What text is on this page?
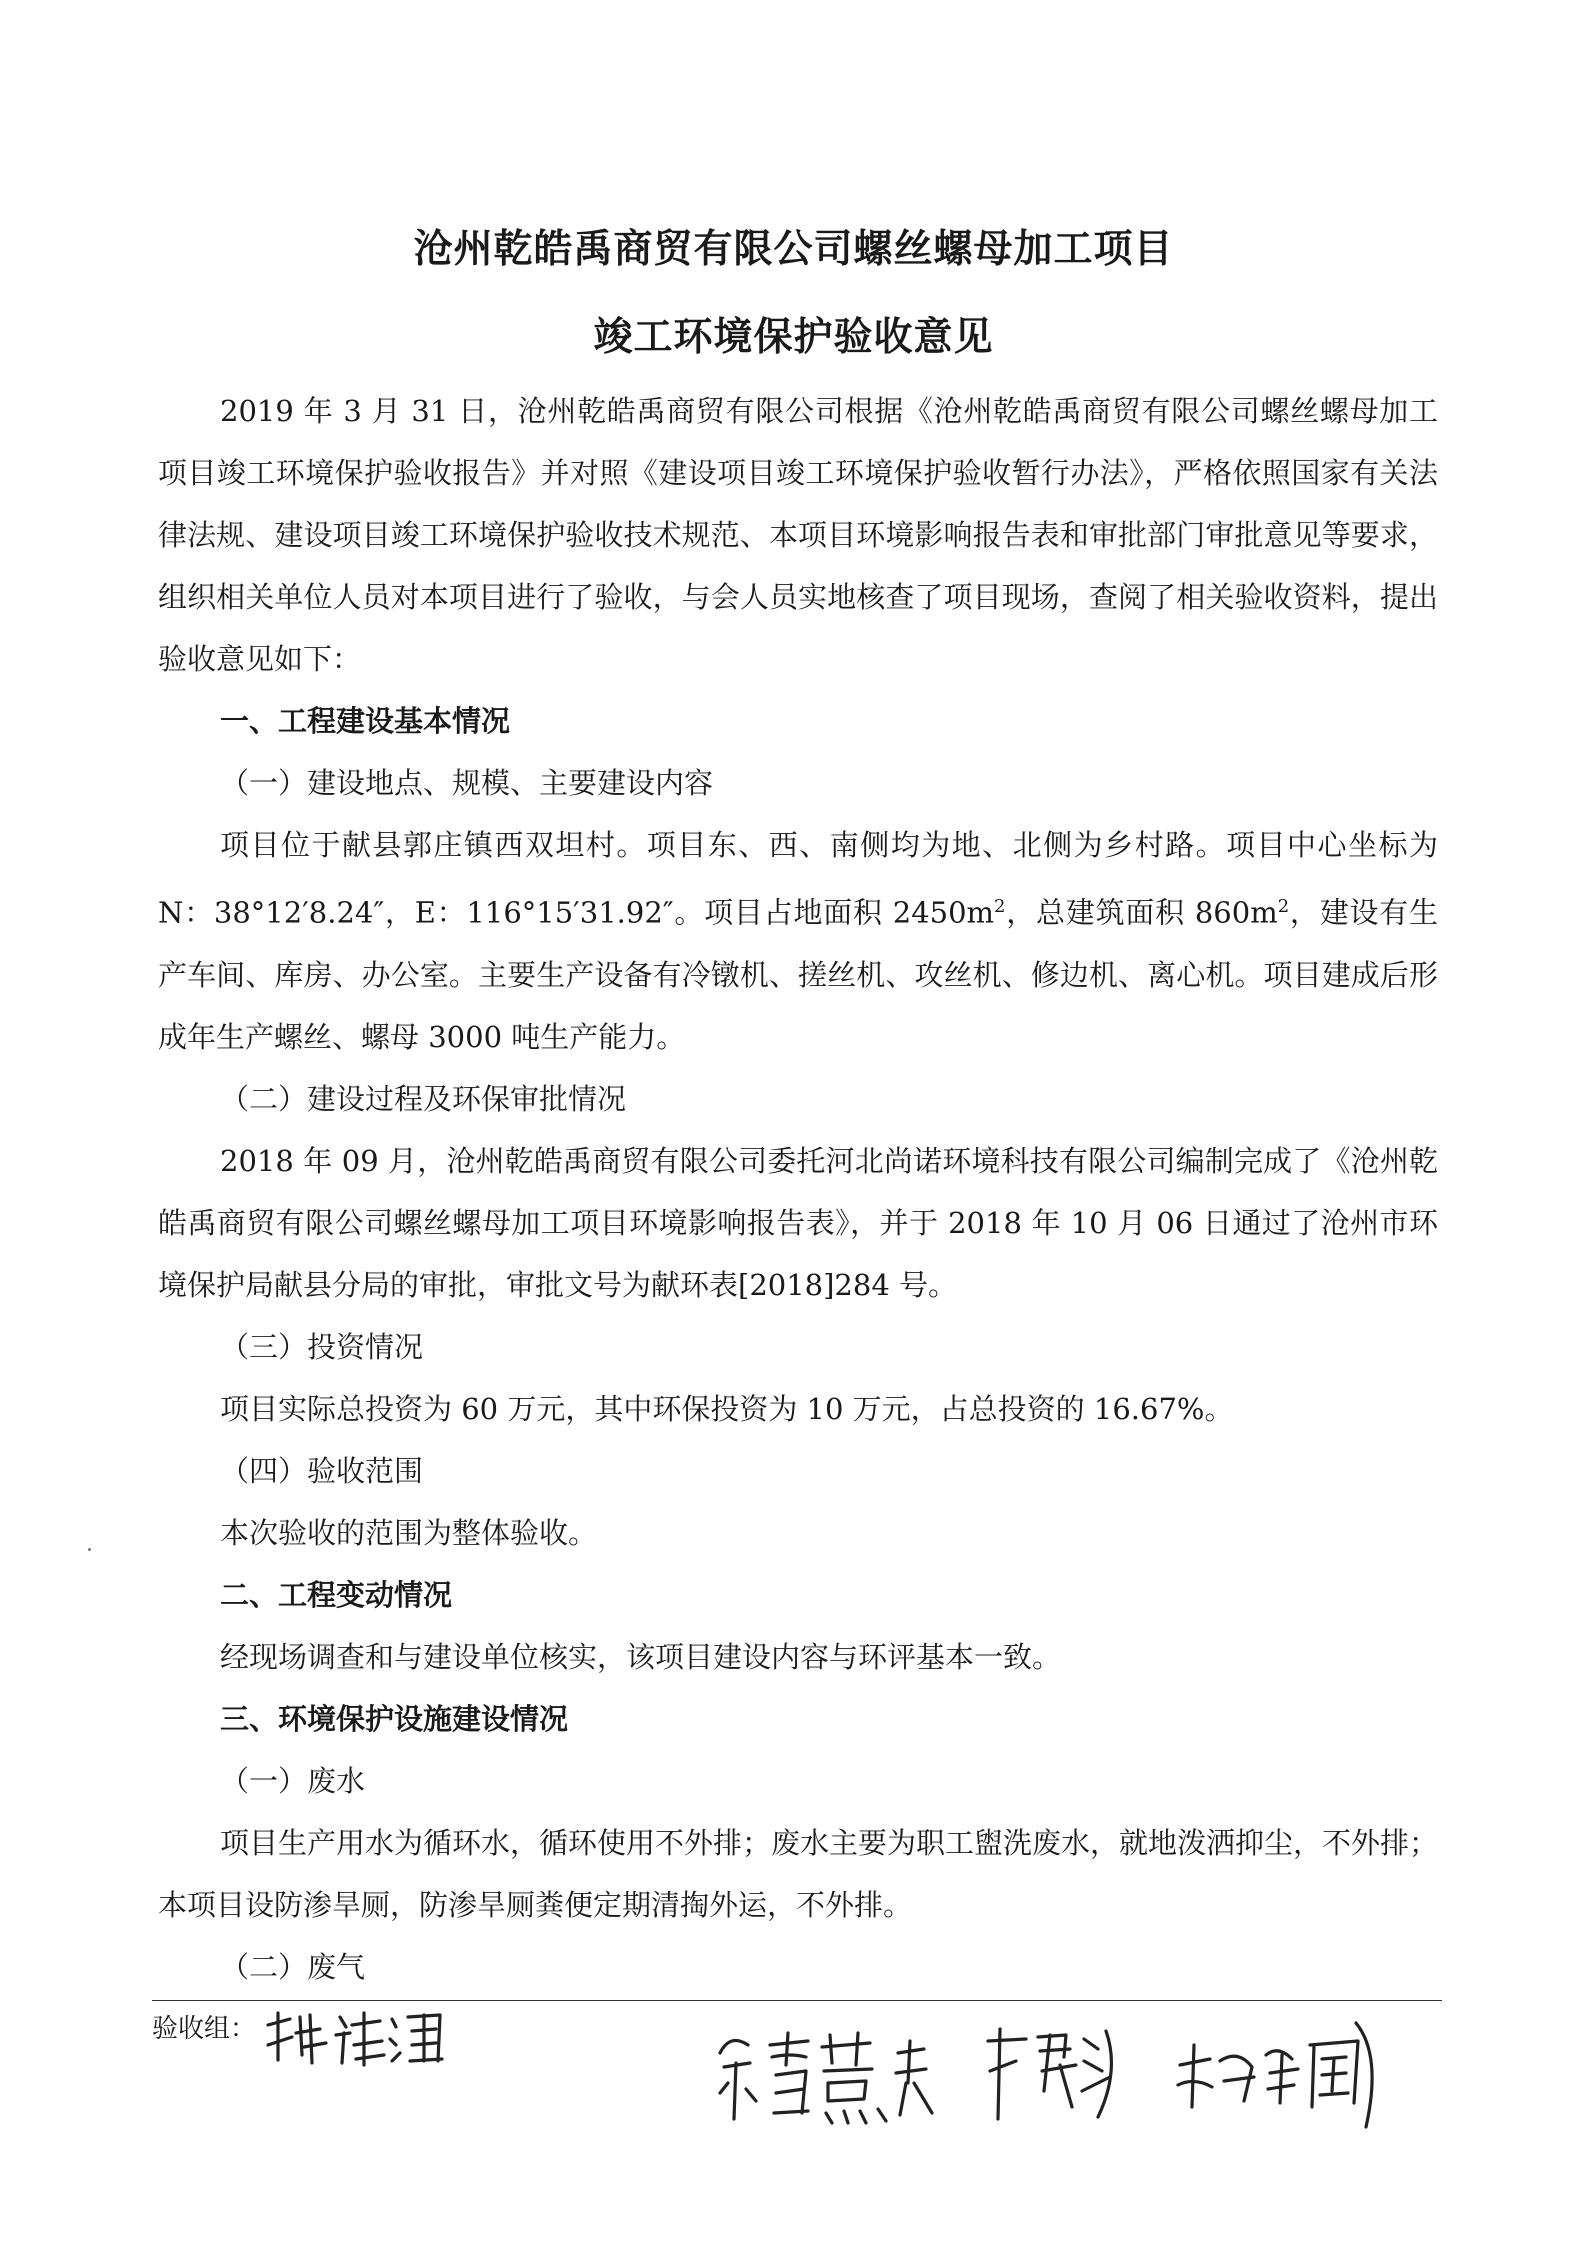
沧州乾皓禹商贸有限公司螺丝螺母加工项目
竣工环境保护验收意见

2019 年 3 月 31 日，沧州乾皓禹商贸有限公司根据《沧州乾皓禹商贸有限公司螺丝螺母加工项目竣工环境保护验收报告》并对照《建设项目竣工环境保护验收暂行办法》，严格依照国家有关法律法规、建设项目竣工环境保护验收技术规范、本项目环境影响报告表和审批部门审批意见等要求，组织相关单位人员对本项目进行了验收，与会人员实地核查了项目现场，查阅了相关验收资料，提出验收意见如下：

一、工程建设基本情况

（一）建设地点、规模、主要建设内容

项目位于献县郭庄镇西双坦村。项目东、西、南侧均为地、北侧为乡村路。项目中心坐标为 N：38°12′8.24″，E：116°15′31.92″。项目占地面积 $2450m^2$，总建筑面积 $860m^2$，建设有生产车间、库房、办公室。主要生产设备有冷镦机、搓丝机、攻丝机、修边机、离心机。项目建成后形成年生产螺丝、螺母 3000 吨生产能力。

（二）建设过程及环保审批情况

2018 年 09 月，沧州乾皓禹商贸有限公司委托河北尚诺环境科技有限公司编制完成了《沧州乾皓禹商贸有限公司螺丝螺母加工项目环境影响报告表》，并于 2018 年 10 月 06 日通过了沧州市环境保护局献县分局的审批，审批文号为献环表[2018]284 号。

（三）投资情况

项目实际总投资为 60 万元，其中环保投资为 10 万元，占总投资的 16.67%。

（四）验收范围

本次验收的范围为整体验收。

二、工程变动情况

经现场调查和与建设单位核实，该项目建设内容与环评基本一致。

三、环境保护设施建设情况

（一）废水

项目生产用水为循环水，循环使用不外排；废水主要为职工盥洗废水，就地泼洒抑尘，不外排；本项目设防渗旱厕，防渗旱厕粪便定期清掏外运，不外排。

（二）废气

验收组：
